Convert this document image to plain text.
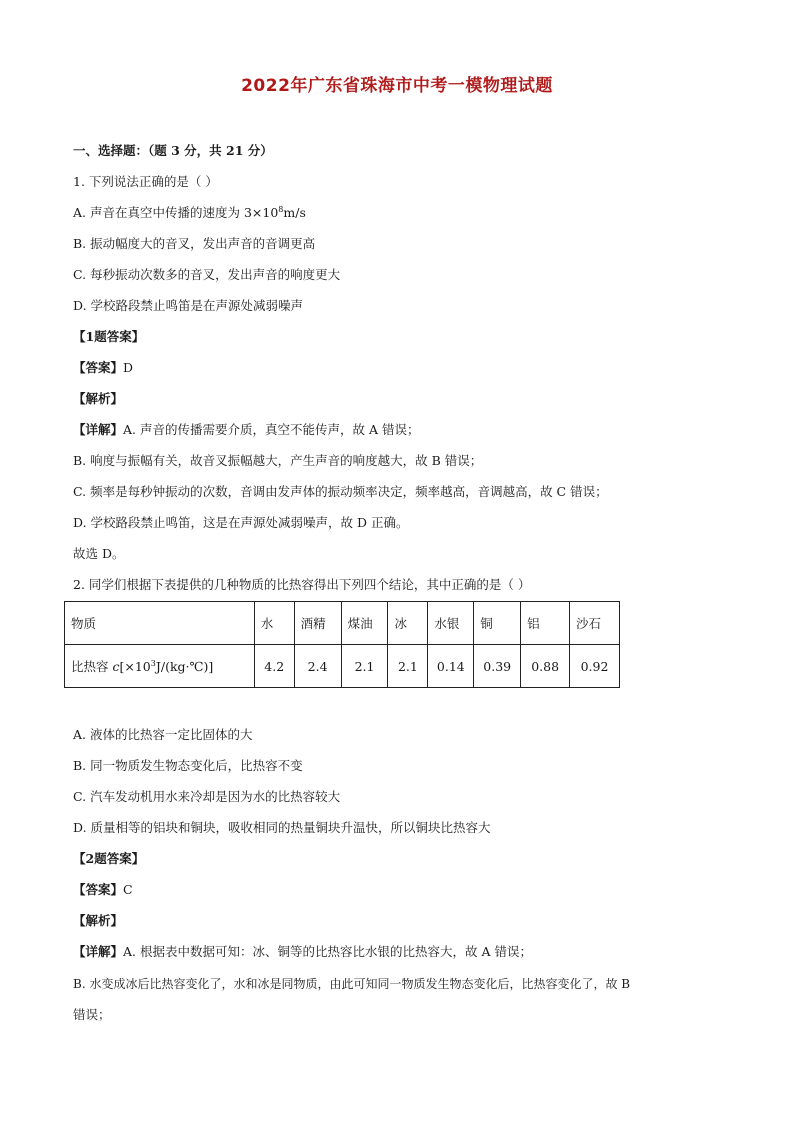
2022年广东省珠海市中考一模物理试题
一、选择题：（题 3 分，共 21 分）
1. 下列说法正确的是（ ）
A. 声音在真空中传播的速度为 $3\times 10^8m/s$
B. 振动幅度大的音叉，发出声音的音调更高
C. 每秒振动次数多的音叉，发出声音的响度更大
D. 学校路段禁止鸣笛是在声源处减弱噪声
【1题答案】
【答案】D
【解析】
【详解】A. 声音的传播需要介质，真空不能传声，故 A 错误；
B. 响度与振幅有关，故音叉振幅越大，产生声音的响度越大，故 B 错误；
C. 频率是每秒钟振动的次数，音调由发声体的振动频率决定，频率越高，音调越高，故 C 错误；
D. 学校路段禁止鸣笛，这是在声源处减弱噪声，故 D 正确。
故选 D。
2. 同学们根据下表提供的几种物质的比热容得出下列四个结论，其中正确的是（ ）
物质	水	酒精	煤油	冰	水银	铜	铝	沙石
比热容 $c[\times 10^3J/(kg\cdot℃)]$	4.2	2.4	2.1	2.1	0.14	0.39	0.88	0.92
A. 液体的比热容一定比固体的大
B. 同一物质发生物态变化后，比热容不变
C. 汽车发动机用水来冷却是因为水的比热容较大
D. 质量相等的铝块和铜块，吸收相同的热量铜块升温快，所以铜块比热容大
【2题答案】
【答案】C
【解析】
【详解】A. 根据表中数据可知：冰、铜等的比热容比水银的比热容大，故 A 错误；
B. 水变成冰后比热容变化了，水和冰是同物质，由此可知同一物质发生物态变化后，比热容变化了，故 B
错误；
